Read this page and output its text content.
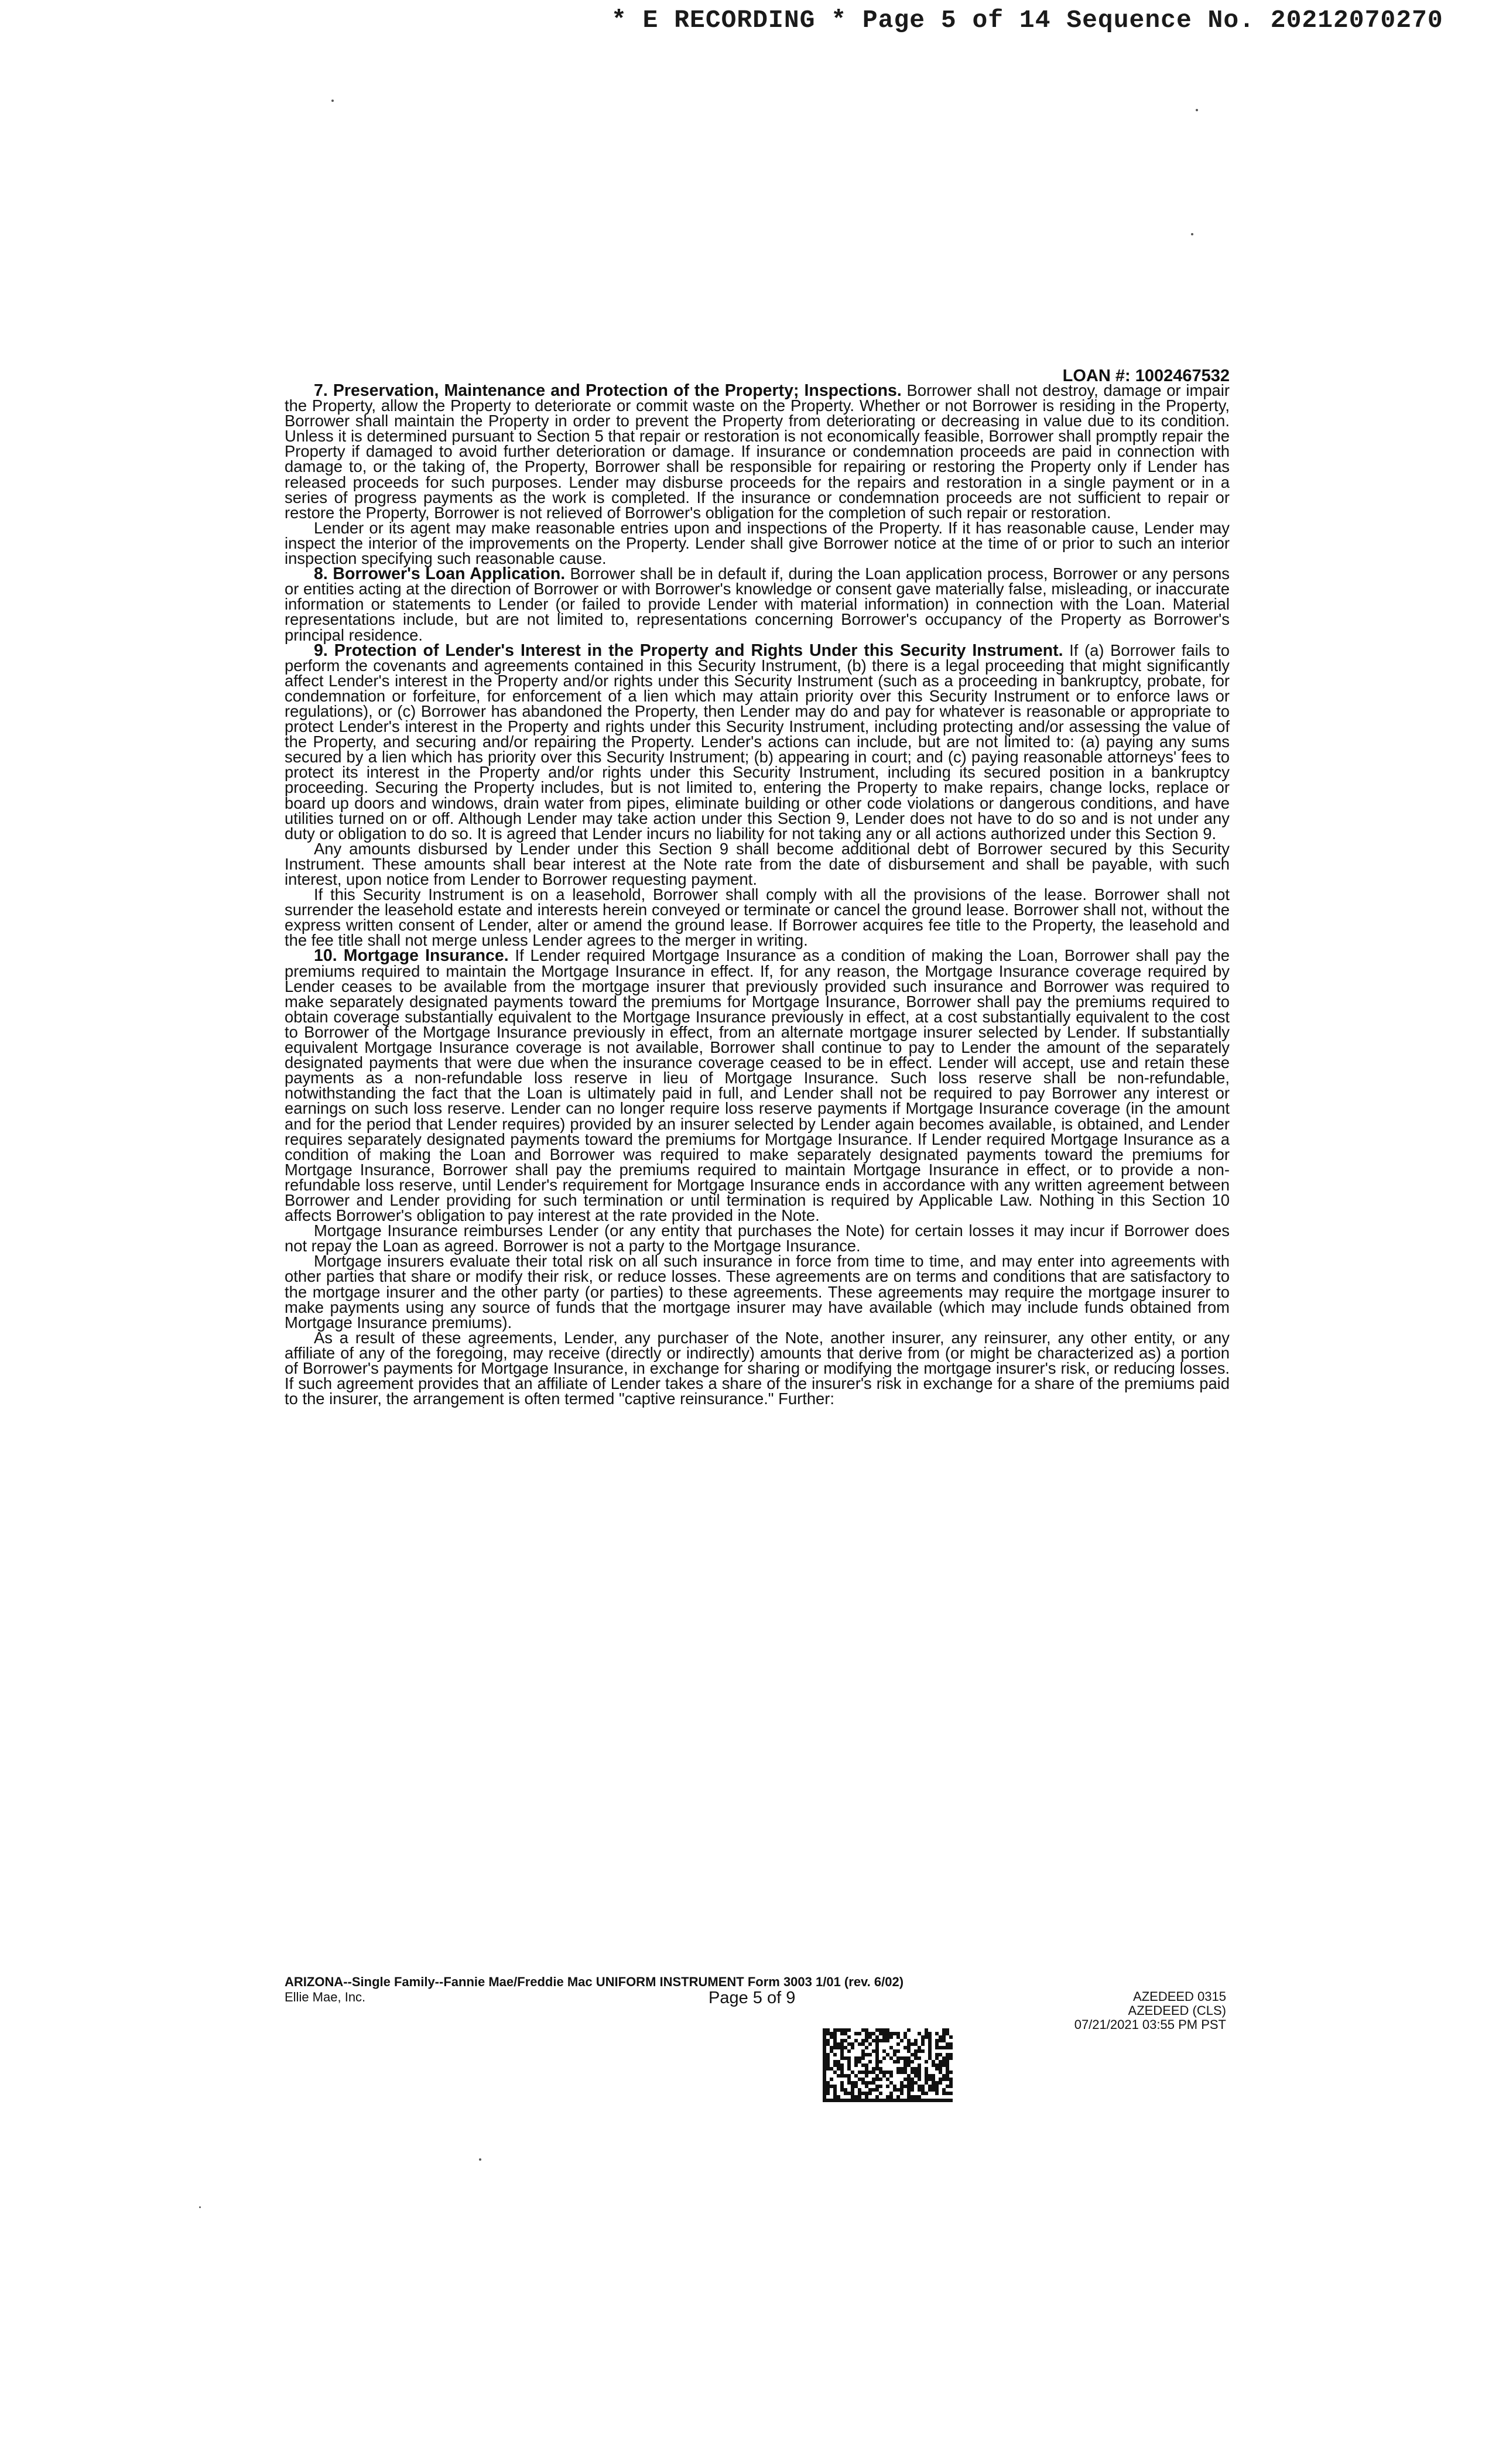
* E RECORDING * Page 5 of 14 Sequence No. 20212070270
LOAN #: 1002467532

7. Preservation, Maintenance and Protection of the Property; Inspections. Borrower shall not destroy, damage or impair the Property, allow the Property to deteriorate or commit waste on the Property. Whether or not Borrower is residing in the Property, Borrower shall maintain the Property in order to prevent the Property from deteriorating or decreasing in value due to its condition. Unless it is determined pursuant to Section 5 that repair or restoration is not economically feasible, Borrower shall promptly repair the Property if damaged to avoid further deterioration or damage. If insurance or condemnation proceeds are paid in connection with damage to, or the taking of, the Property, Borrower shall be responsible for repairing or restoring the Property only if Lender has released proceeds for such purposes. Lender may disburse proceeds for the repairs and restoration in a single payment or in a series of progress payments as the work is completed. If the insurance or condemnation proceeds are not sufficient to repair or restore the Property, Borrower is not relieved of Borrower's obligation for the completion of such repair or restoration.

Lender or its agent may make reasonable entries upon and inspections of the Property. If it has reasonable cause, Lender may inspect the interior of the improvements on the Property. Lender shall give Borrower notice at the time of or prior to such an interior inspection specifying such reasonable cause.

8. Borrower's Loan Application. Borrower shall be in default if, during the Loan application process, Borrower or any persons or entities acting at the direction of Borrower or with Borrower's knowledge or consent gave materially false, misleading, or inaccurate information or statements to Lender (or failed to provide Lender with material information) in connection with the Loan. Material representations include, but are not limited to, representations concerning Borrower's occupancy of the Property as Borrower's principal residence.

9. Protection of Lender's Interest in the Property and Rights Under this Security Instrument. If (a) Borrower fails to perform the covenants and agreements contained in this Security Instrument, (b) there is a legal proceeding that might significantly affect Lender's interest in the Property and/or rights under this Security Instrument (such as a proceeding in bankruptcy, probate, for condemnation or forfeiture, for enforcement of a lien which may attain priority over this Security Instrument or to enforce laws or regulations), or (c) Borrower has abandoned the Property, then Lender may do and pay for whatever is reasonable or appropriate to protect Lender's interest in the Property and rights under this Security Instrument, including protecting and/or assessing the value of the Property, and securing and/or repairing the Property. Lender's actions can include, but are not limited to: (a) paying any sums secured by a lien which has priority over this Security Instrument; (b) appearing in court; and (c) paying reasonable attorneys' fees to protect its interest in the Property and/or rights under this Security Instrument, including its secured position in a bankruptcy proceeding. Securing the Property includes, but is not limited to, entering the Property to make repairs, change locks, replace or board up doors and windows, drain water from pipes, eliminate building or other code violations or dangerous conditions, and have utilities turned on or off. Although Lender may take action under this Section 9, Lender does not have to do so and is not under any duty or obligation to do so. It is agreed that Lender incurs no liability for not taking any or all actions authorized under this Section 9.

Any amounts disbursed by Lender under this Section 9 shall become additional debt of Borrower secured by this Security Instrument. These amounts shall bear interest at the Note rate from the date of disbursement and shall be payable, with such interest, upon notice from Lender to Borrower requesting payment.

If this Security Instrument is on a leasehold, Borrower shall comply with all the provisions of the lease. Borrower shall not surrender the leasehold estate and interests herein conveyed or terminate or cancel the ground lease. Borrower shall not, without the express written consent of Lender, alter or amend the ground lease. If Borrower acquires fee title to the Property, the leasehold and the fee title shall not merge unless Lender agrees to the merger in writing.

10. Mortgage Insurance. If Lender required Mortgage Insurance as a condition of making the Loan, Borrower shall pay the premiums required to maintain the Mortgage Insurance in effect. If, for any reason, the Mortgage Insurance coverage required by Lender ceases to be available from the mortgage insurer that previously provided such insurance and Borrower was required to make separately designated payments toward the premiums for Mortgage Insurance, Borrower shall pay the premiums required to obtain coverage substantially equivalent to the Mortgage Insurance previously in effect, at a cost substantially equivalent to the cost to Borrower of the Mortgage Insurance previously in effect, from an alternate mortgage insurer selected by Lender. If substantially equivalent Mortgage Insurance coverage is not available, Borrower shall continue to pay to Lender the amount of the separately designated payments that were due when the insurance coverage ceased to be in effect. Lender will accept, use and retain these payments as a non-refundable loss reserve in lieu of Mortgage Insurance. Such loss reserve shall be non-refundable, notwithstanding the fact that the Loan is ultimately paid in full, and Lender shall not be required to pay Borrower any interest or earnings on such loss reserve. Lender can no longer require loss reserve payments if Mortgage Insurance coverage (in the amount and for the period that Lender requires) provided by an insurer selected by Lender again becomes available, is obtained, and Lender requires separately designated payments toward the premiums for Mortgage Insurance. If Lender required Mortgage Insurance as a condition of making the Loan and Borrower was required to make separately designated payments toward the premiums for Mortgage Insurance, Borrower shall pay the premiums required to maintain Mortgage Insurance in effect, or to provide a non-refundable loss reserve, until Lender's requirement for Mortgage Insurance ends in accordance with any written agreement between Borrower and Lender providing for such termination or until termination is required by Applicable Law. Nothing in this Section 10 affects Borrower's obligation to pay interest at the rate provided in the Note.

Mortgage Insurance reimburses Lender (or any entity that purchases the Note) for certain losses it may incur if Borrower does not repay the Loan as agreed. Borrower is not a party to the Mortgage Insurance.

Mortgage insurers evaluate their total risk on all such insurance in force from time to time, and may enter into agreements with other parties that share or modify their risk, or reduce losses. These agreements are on terms and conditions that are satisfactory to the mortgage insurer and the other party (or parties) to these agreements. These agreements may require the mortgage insurer to make payments using any source of funds that the mortgage insurer may have available (which may include funds obtained from Mortgage Insurance premiums).

As a result of these agreements, Lender, any purchaser of the Note, another insurer, any reinsurer, any other entity, or any affiliate of any of the foregoing, may receive (directly or indirectly) amounts that derive from (or might be characterized as) a portion of Borrower's payments for Mortgage Insurance, in exchange for sharing or modifying the mortgage insurer's risk, or reducing losses. If such agreement provides that an affiliate of Lender takes a share of the insurer's risk in exchange for a share of the premiums paid to the insurer, the arrangement is often termed "captive reinsurance." Further:

ARIZONA--Single Family--Fannie Mae/Freddie Mac UNIFORM INSTRUMENT Form 3003 1/01 (rev. 6/02)
Ellie Mae, Inc.	Page 5 of 9	AZEDEED 0315
AZEDEED (CLS)
07/21/2021 03:55 PM PST
